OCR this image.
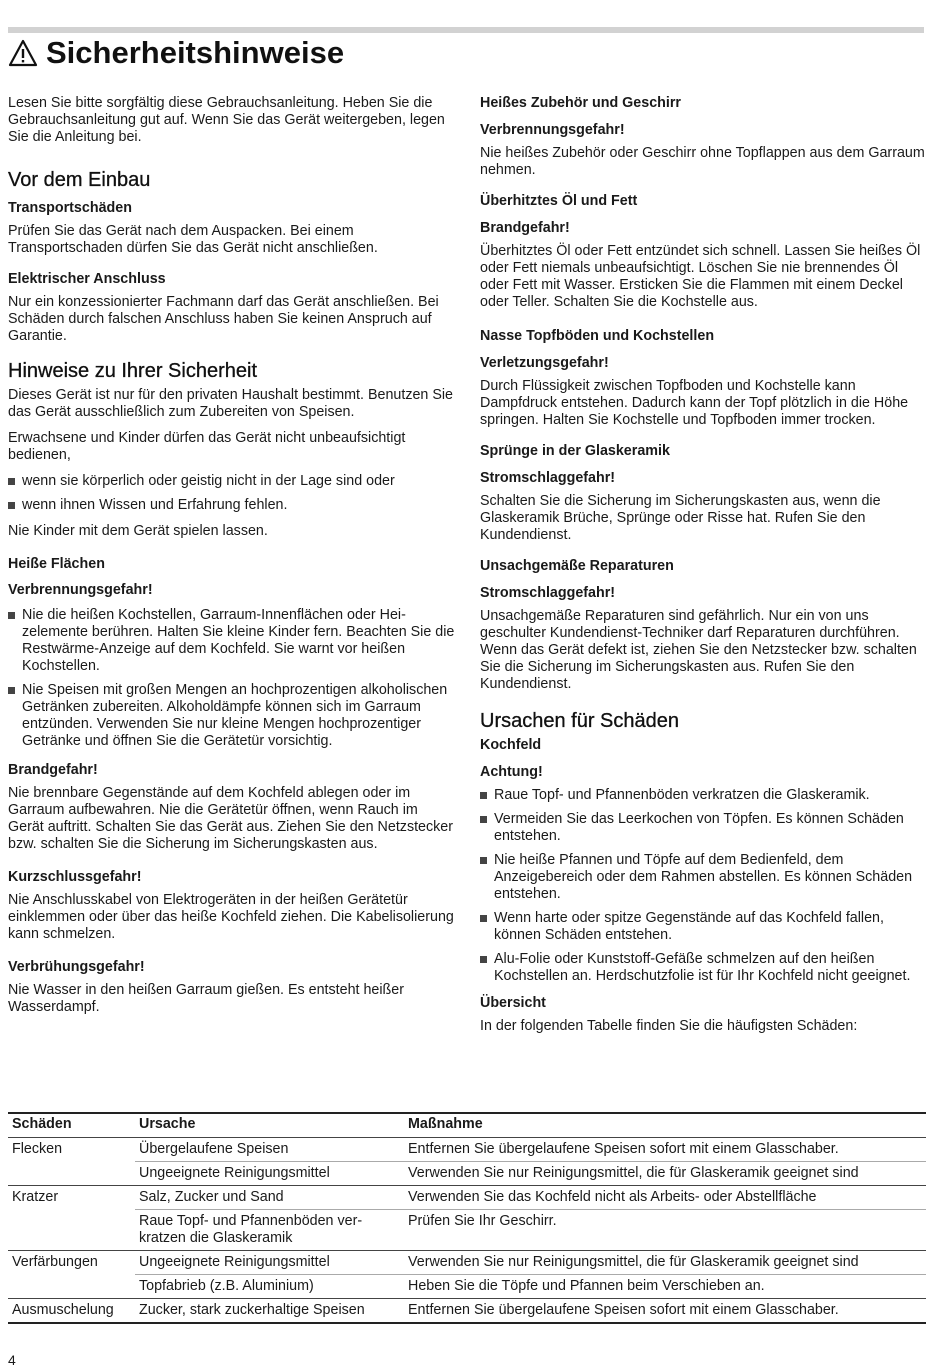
Sicherheitshinweise

Lesen Sie bitte sorgfältig diese Gebrauchsanleitung. Heben Sie die Gebrauchsanleitung gut auf. Wenn Sie das Gerät weitergeben, legen Sie die Anleitung bei.

Vor dem Einbau
Transportschäden

Prüfen Sie das Gerät nach dem Auspacken. Bei einem Transportschaden dürfen Sie das Gerät nicht anschließen.

Elektrischer Anschluss

Nur ein konzessionierter Fachmann darf das Gerät anschließen. Bei Schäden durch falschen Anschluss haben Sie keinen Anspruch auf Garantie.

Hinweise zu Ihrer Sicherheit

Dieses Gerät ist nur für den privaten Haushalt bestimmt. Benutzen Sie das Gerät ausschließlich zum Zubereiten von Speisen.

Erwachsene und Kinder dürfen das Gerät nicht unbeaufsichtigt bedienen,

wenn sie körperlich oder geistig nicht in der Lage sind oder
wenn ihnen Wissen und Erfahrung fehlen.

Nie Kinder mit dem Gerät spielen lassen.

Heiße Flächen
Verbrennungsgefahr!
Nie die heißen Kochstellen, Garraum-Innenflächen oder Heizelemente berühren. Halten Sie kleine Kinder fern. Beachten Sie die Restwärme-Anzeige auf dem Kochfeld. Sie warnt vor heißen Kochstellen.
Nie Speisen mit großen Mengen an hochprozentigen alkoholischen Getränken zubereiten. Alkoholdämpfe können sich im Garraum entzünden. Verwenden Sie nur kleine Mengen hochprozentiger Getränke und öffnen Sie die Gerätetür vorsichtig.
Brandgefahr!

Nie brennbare Gegenstände auf dem Kochfeld ablegen oder im Garraum aufbewahren. Nie die Gerätetür öffnen, wenn Rauch im Gerät auftritt. Schalten Sie das Gerät aus. Ziehen Sie den Netzstecker bzw. schalten Sie die Sicherung im Sicherungskasten aus.

Kurzschlussgefahr!

Nie Anschlusskabel von Elektrogeräten in der heißen Gerätetür einklemmen oder über das heiße Kochfeld ziehen. Die Kabelisolierung kann schmelzen.

Verbrühungsgefahr!

Nie Wasser in den heißen Garraum gießen. Es entsteht heißer Wasserdampf.

Heißes Zubehör und Geschirr
Verbrennungsgefahr!

Nie heißes Zubehör oder Geschirr ohne Topflappen aus dem Garraum nehmen.

Überhitztes Öl und Fett
Brandgefahr!

Überhitztes Öl oder Fett entzündet sich schnell. Lassen Sie heißes Öl oder Fett niemals unbeaufsichtigt. Löschen Sie nie brennendes Öl oder Fett mit Wasser. Ersticken Sie die Flammen mit einem Deckel oder Teller. Schalten Sie die Kochstelle aus.

Nasse Topfböden und Kochstellen
Verletzungsgefahr!

Durch Flüssigkeit zwischen Topfboden und Kochstelle kann Dampfdruck entstehen. Dadurch kann der Topf plötzlich in die Höhe springen. Halten Sie Kochstelle und Topfboden immer trocken.

Sprünge in der Glaskeramik
Stromschlaggefahr!

Schalten Sie die Sicherung im Sicherungskasten aus, wenn die Glaskeramik Brüche, Sprünge oder Risse hat. Rufen Sie den Kundendienst.

Unsachgemäße Reparaturen
Stromschlaggefahr!

Unsachgemäße Reparaturen sind gefährlich. Nur ein von uns geschulter Kundendienst-Techniker darf Reparaturen durchführen. Wenn das Gerät defekt ist, ziehen Sie den Netzstecker bzw. schalten Sie die Sicherung im Sicherungskasten aus. Rufen Sie den Kundendienst.

Ursachen für Schäden
Kochfeld
Achtung!
Raue Topf- und Pfannenböden verkratzen die Glaskeramik.
Vermeiden Sie das Leerkochen von Töpfen. Es können Schäden entstehen.
Nie heiße Pfannen und Töpfe auf dem Bedienfeld, dem Anzeigebereich oder dem Rahmen abstellen. Es können Schäden entstehen.
Wenn harte oder spitze Gegenstände auf das Kochfeld fallen, können Schäden entstehen.
Alu-Folie oder Kunststoff-Gefäße schmelzen auf den heißen Kochstellen an. Herdschutzfolie ist für Ihr Kochfeld nicht geeignet.
Übersicht

In der folgenden Tabelle finden Sie die häufigsten Schäden:

Schäden	Ursache	Maßnahme
Flecken	Übergelaufene Speisen	Entfernen Sie übergelaufene Speisen sofort mit einem Glasschaber.
	Ungeeignete Reinigungsmittel	Verwenden Sie nur Reinigungsmittel, die für Glaskeramik geeignet sind
Kratzer	Salz, Zucker und Sand	Verwenden Sie das Kochfeld nicht als Arbeits- oder Abstellfläche
	Raue Topf- und Pfannenböden verkratzen die Glaskeramik	Prüfen Sie Ihr Geschirr.
Verfärbungen	Ungeeignete Reinigungsmittel	Verwenden Sie nur Reinigungsmittel, die für Glaskeramik geeignet sind
	Topfabrieb (z.B. Aluminium)	Heben Sie die Töpfe und Pfannen beim Verschieben an.
Ausmuschelung	Zucker, stark zuckerhaltige Speisen	Entfernen Sie übergelaufene Speisen sofort mit einem Glasschaber.
4
